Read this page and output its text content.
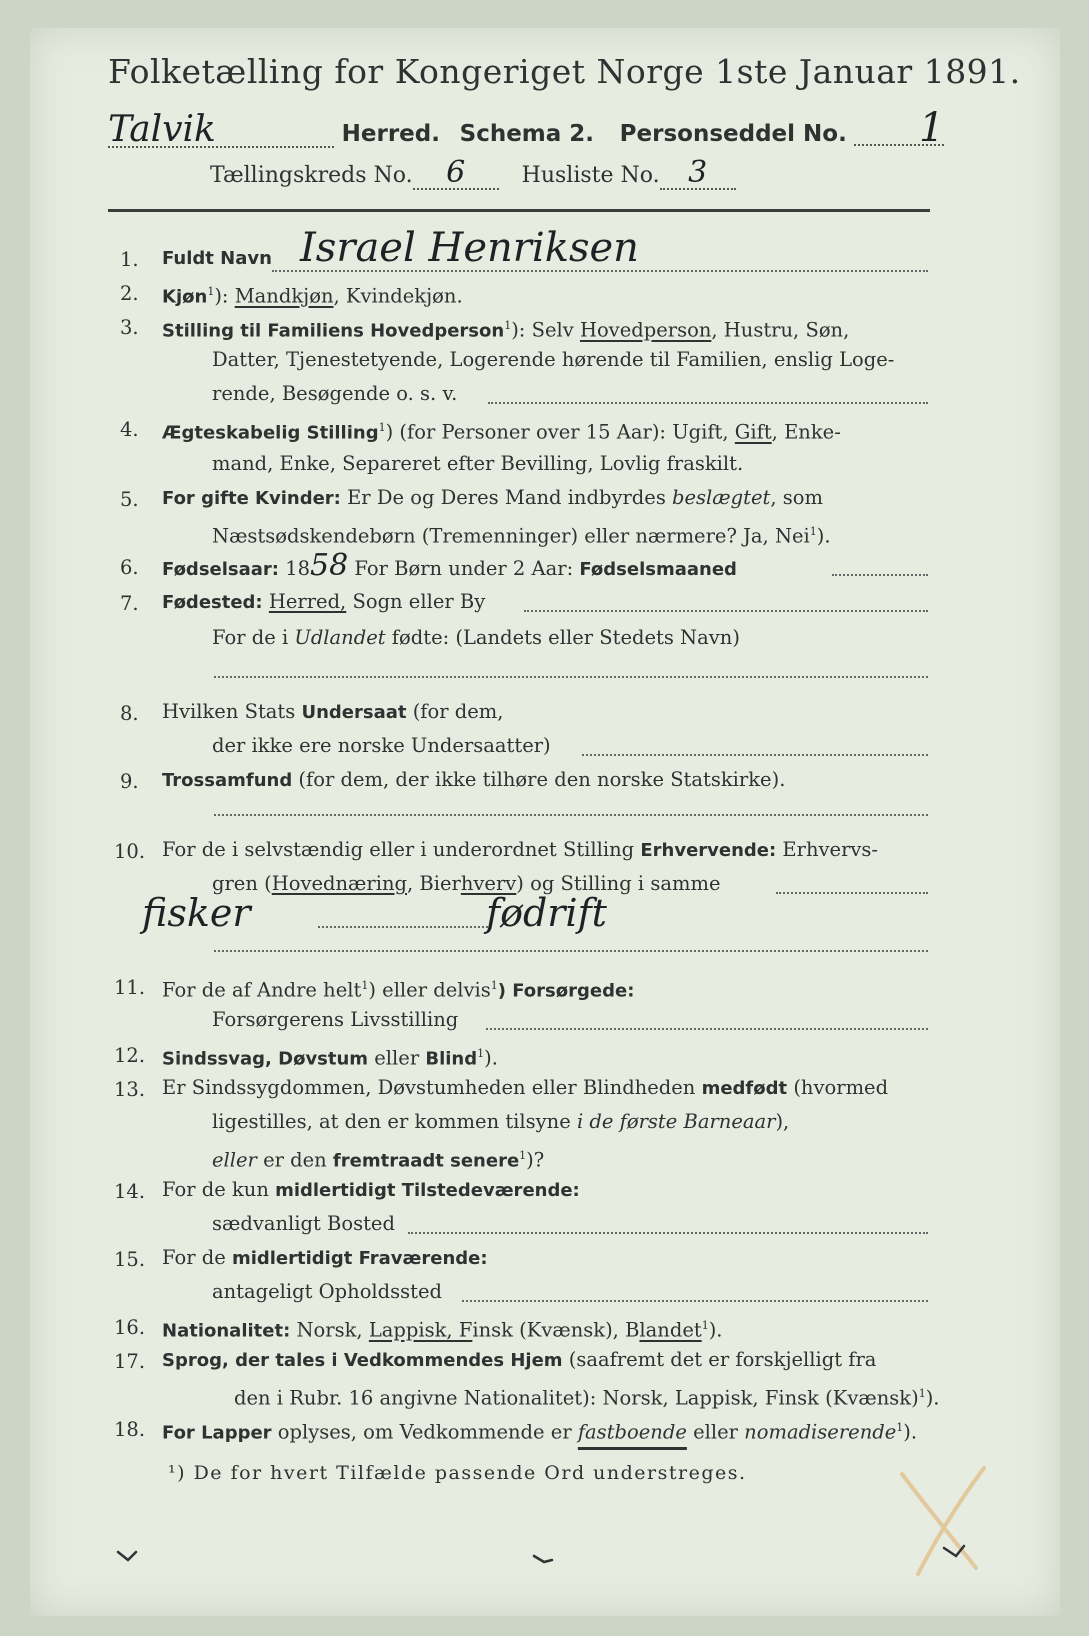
Folketælling for Kongeriget Norge 1ste Januar 1891.
Talvik	Herred. Schema 2. Personseddel No. 1
Tællingskreds No. 6	Husliste No. 3
1. Fuldt Navn Israel Henriksen
2. Kjøn$^1$): Mandkjøn, Kvindekjøn.
3. Stilling til Familiens Hovedperson$^1$): Selv Hovedperson, Hustru, Søn,
Datter, Tjenestetyende, Logerende hørende til Familien, enslig Loge-
rende, Besøgende o. s. v.
4. Ægteskabelig Stilling$^1$) (for Personer over 15 Aar): Ugift, Gift, Enke-
mand, Enke, Separeret efter Bevilling, Lovlig fraskilt.
5. For gifte Kvinder: Er De og Deres Mand indbyrdes beslægtet, som
Næstsødskendebørn (Tremenninger) eller nærmere? Ja, Nei$^1$).
6. Fødselsaar: 1858 For Børn under 2 Aar: Fødselsmaaned
7. Fødested: Herred, Sogn eller By
For de i Udlandet fødte: (Landets eller Stedets Navn)
8. Hvilken Stats Undersaat (for dem,
der ikke ere norske Undersaatter)
9. Trossamfund (for dem, der ikke tilhøre den norske Statskirke).
10. For de i selvstændig eller i underordnet Stilling Erhvervende: Erhvervs-
gren (Hovednæring, Bierhverv) og Stilling i samme
fisker	fødrift
11. For de af Andre helt$^1$) eller delvis$^1$) Forsørgede:
Forsørgerens Livsstilling
12. Sindssvag, Døvstum eller Blind$^1$).
13. Er Sindssygdommen, Døvstumheden eller Blindheden medfødt (hvormed
ligestilles, at den er kommen tilsyne i de første Barneaar),
eller er den fremtraadt senere$^1$)?
14. For de kun midlertidigt Tilstedeværende:
sædvanligt Bosted
15. For de midlertidigt Fraværende:
antageligt Opholdssted
16. Nationalitet: Norsk, Lappisk, Finsk (Kvænsk), Blandet$^1$).
17. Sprog, der tales i Vedkommendes Hjem (saafremt det er forskjelligt fra
den i Rubr. 16 angivne Nationalitet): Norsk, Lappisk, Finsk (Kvænsk)$^1$).
18. For Lapper oplyses, om Vedkommende er fastboende eller nomadiserende$^1$).
¹) De for hvert Tilfælde passende Ord understreges.
